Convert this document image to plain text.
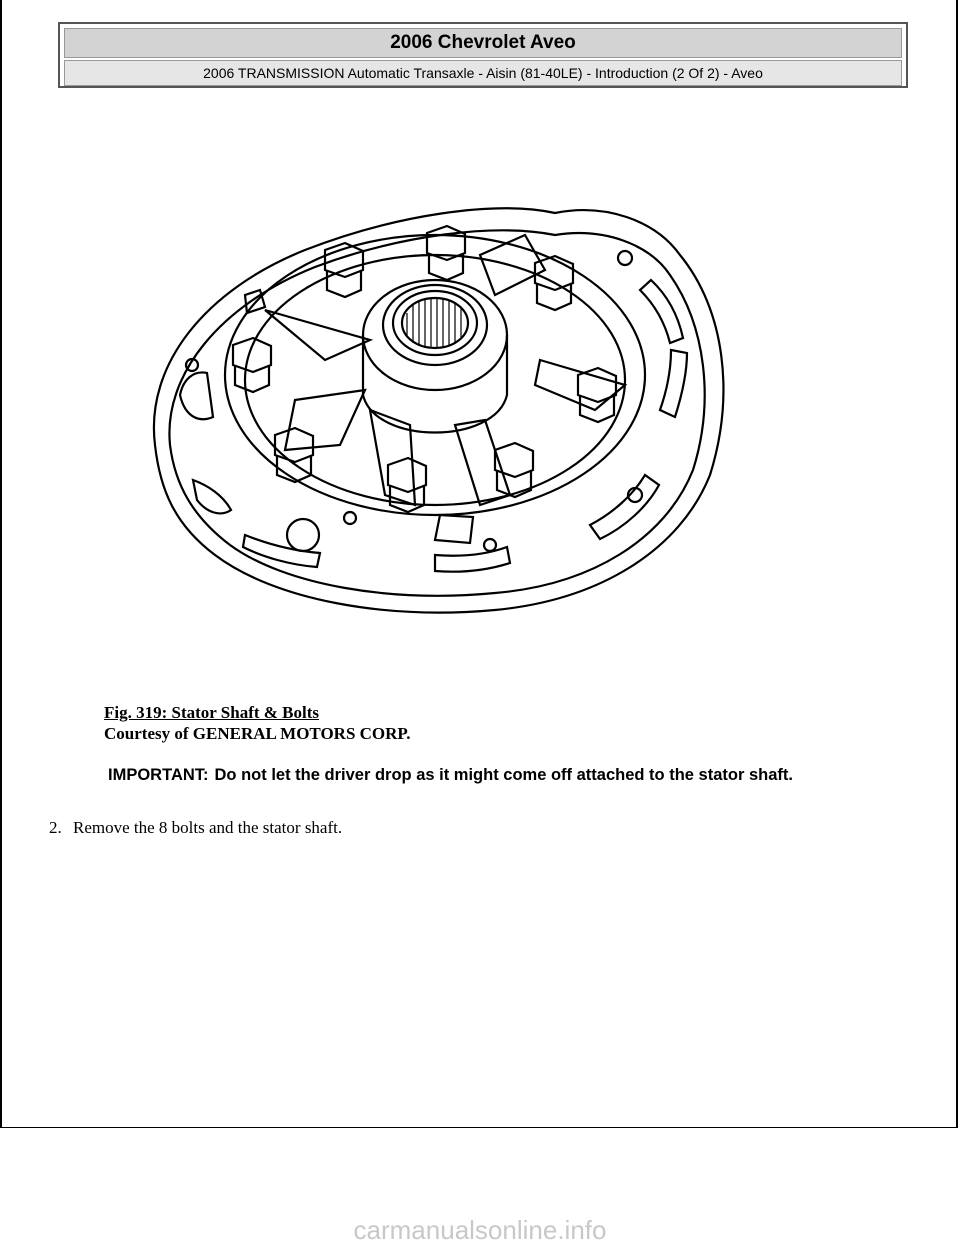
2006 Chevrolet Aveo
2006 TRANSMISSION Automatic Transaxle - Aisin (81-40LE) - Introduction (2 Of 2) - Aveo
Fig. 319: Stator Shaft & Bolts
Courtesy of GENERAL MOTORS CORP.
IMPORTANT: Do not let the driver drop as it might come off attached to the stator shaft.
2. Remove the 8 bolts and the stator shaft.
carmanualsonline.info
